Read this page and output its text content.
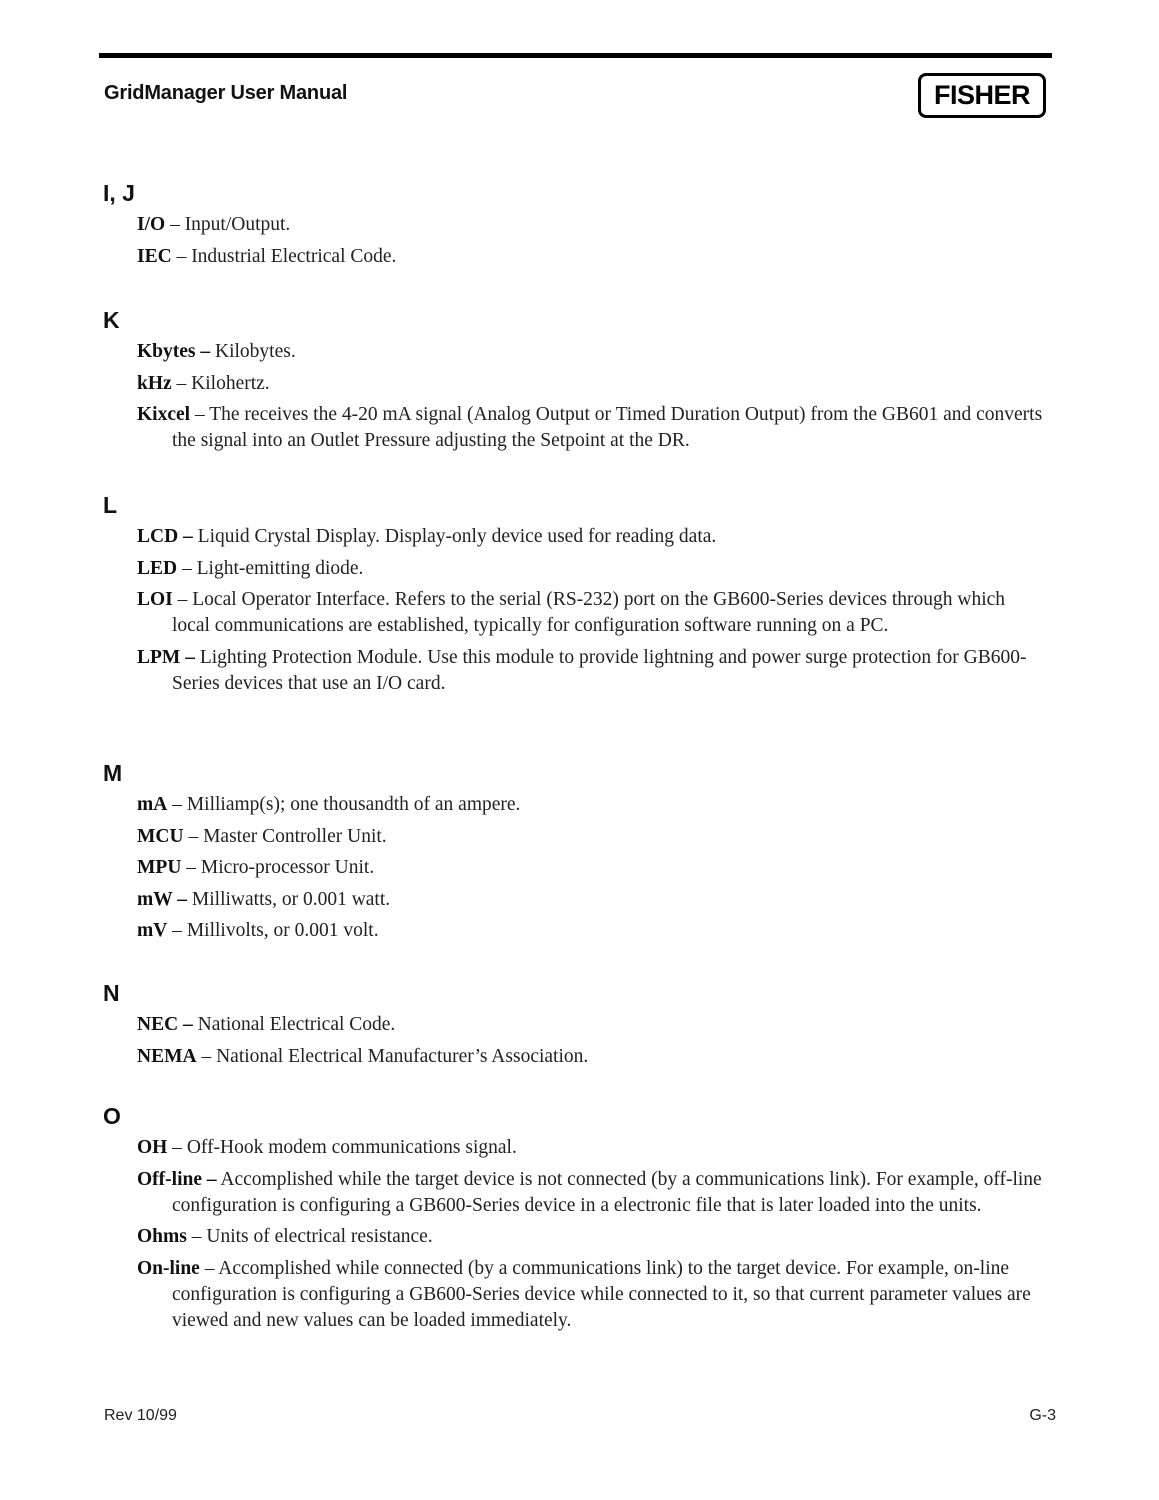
GridManager User Manual	FISHER
I, J
I/O – Input/Output.
IEC – Industrial Electrical Code.
K
Kbytes – Kilobytes.
kHz – Kilohertz.
Kixcel – The receives the 4-20 mA signal (Analog Output or Timed Duration Output) from the GB601 and converts the signal into an Outlet Pressure adjusting the Setpoint at the DR.
L
LCD – Liquid Crystal Display. Display-only device used for reading data.
LED – Light-emitting diode.
LOI – Local Operator Interface. Refers to the serial (RS-232) port on the GB600-Series devices through which local communications are established, typically for configuration software running on a PC.
LPM – Lighting Protection Module. Use this module to provide lightning and power surge protection for GB600-Series devices that use an I/O card.
M
mA – Milliamp(s); one thousandth of an ampere.
MCU – Master Controller Unit.
MPU – Micro-processor Unit.
mW – Milliwatts, or 0.001 watt.
mV – Millivolts, or 0.001 volt.
N
NEC – National Electrical Code.
NEMA – National Electrical Manufacturer’s Association.
O
OH – Off-Hook modem communications signal.
Off-line – Accomplished while the target device is not connected (by a communications link). For example, off-line configuration is configuring a GB600-Series device in a electronic file that is later loaded into the units.
Ohms – Units of electrical resistance.
On-line – Accomplished while connected (by a communications link) to the target device. For example, on-line configuration is configuring a GB600-Series device while connected to it, so that current parameter values are viewed and new values can be loaded immediately.
Rev 10/99	G-3
